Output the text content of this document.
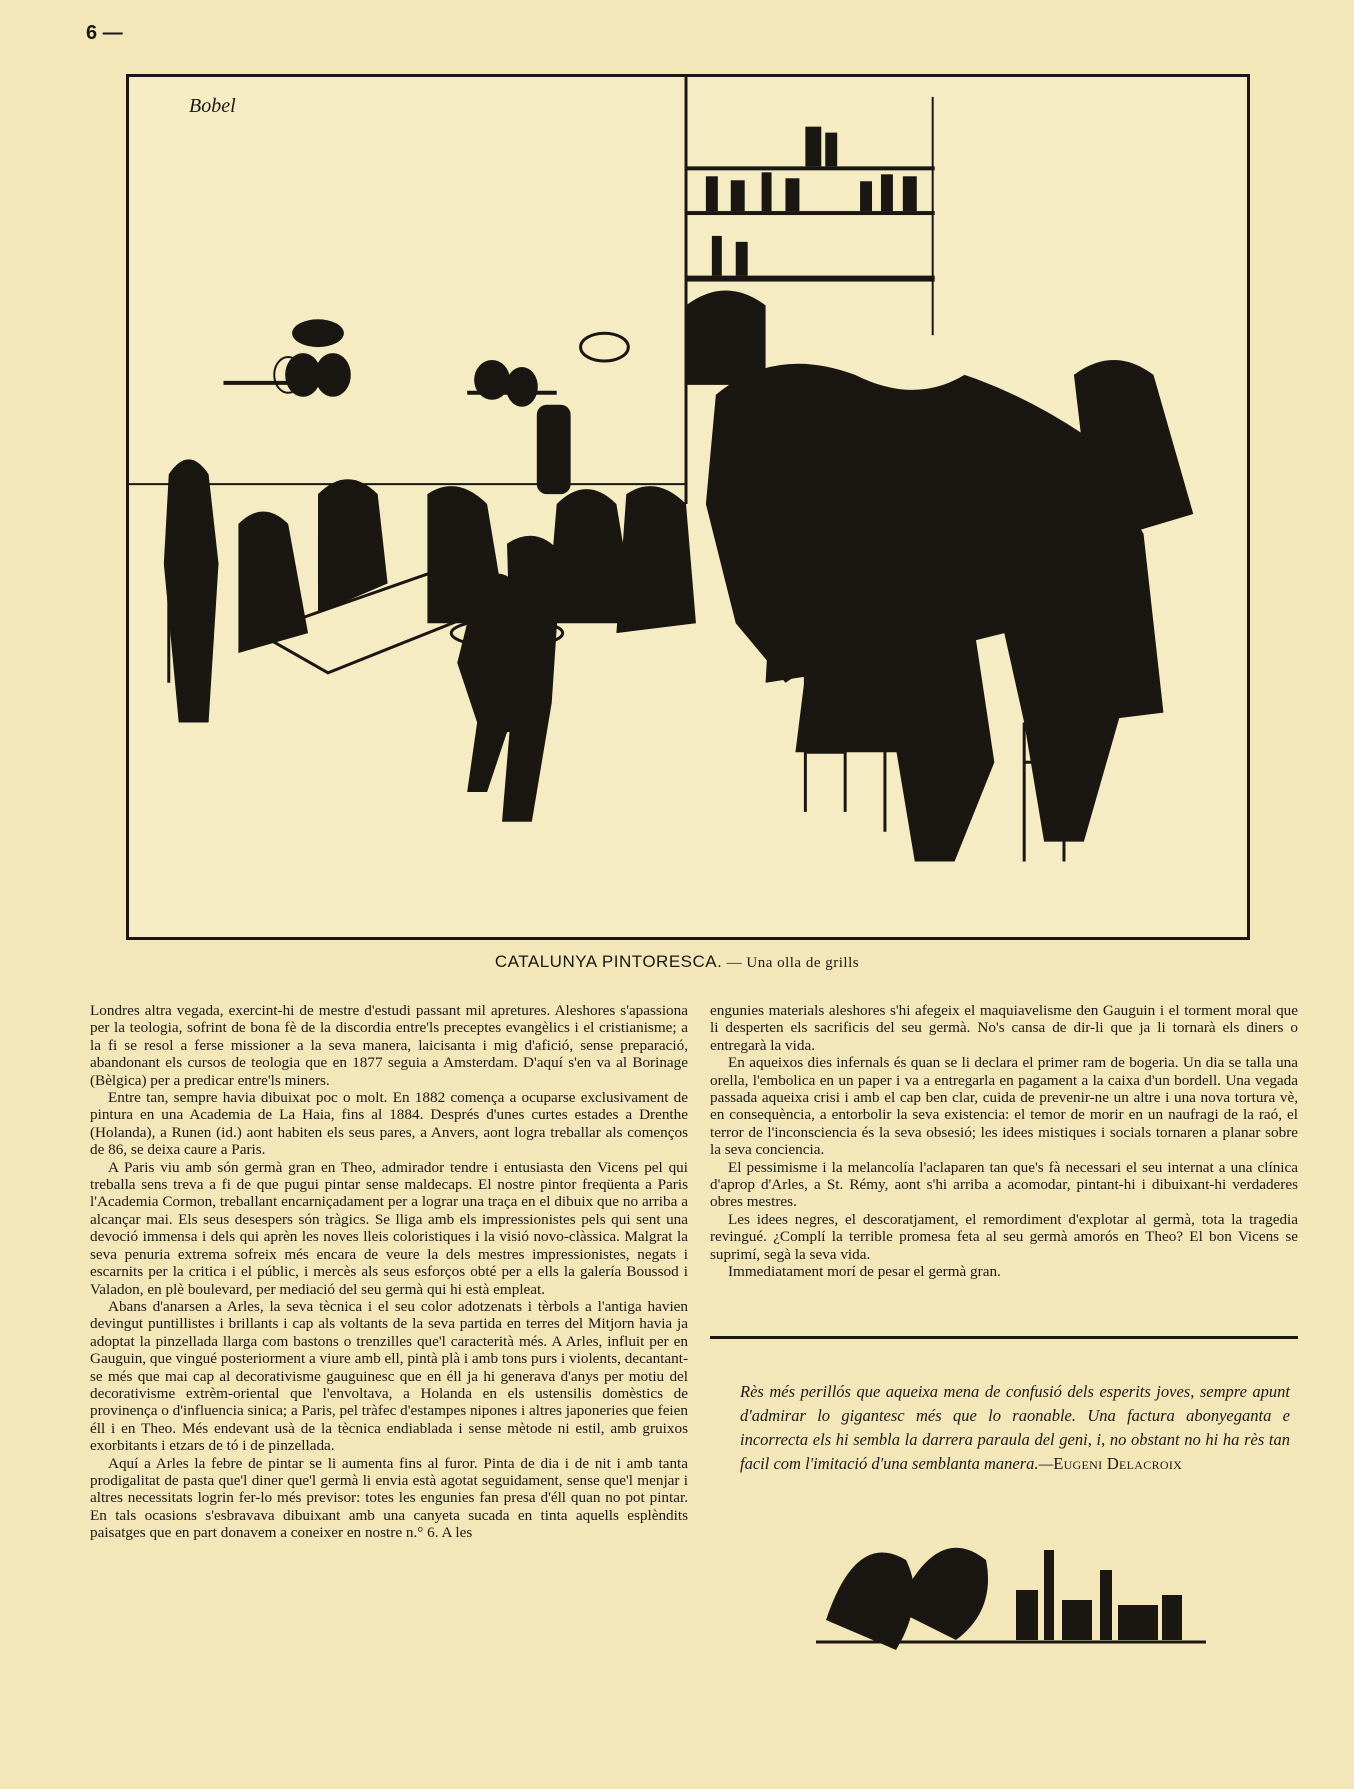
6 —
Bobel
CATALUNYA PINTORESCA. — Una olla de grills

Londres altra vegada, exercint-hi de mestre d'estudi passant mil apretures. Aleshores s'apassiona per la teologia, sofrint de bona fè de la discordia entre'ls preceptes evangèlics i el cristianisme; a la fi se resol a ferse missioner a la seva manera, laicisanta i mig d'afició, sense preparació, abandonant els cursos de teologia que en 1877 seguia a Amsterdam. D'aquí s'en va al Borinage (Bèlgica) per a predicar entre'ls miners.

Entre tan, sempre havia dibuixat poc o molt. En 1882 comença a ocuparse exclusivament de pintura en una Academia de La Haia, fins al 1884. Després d'unes curtes estades a Drenthe (Holanda), a Runen (id.) aont habiten els seus pares, a Anvers, aont logra treballar als començos de 86, se deixa caure a Paris.

A Paris viu amb són germà gran en Theo, admirador tendre i entusiasta den Vicens pel qui treballa sens treva a fi de que pugui pintar sense maldecaps. El nostre pintor freqüenta a Paris l'Academia Cormon, treballant encarniçadament per a lograr una traça en el dibuix que no arriba a alcançar mai. Els seus desespers són tràgics. Se lliga amb els impressionistes pels qui sent una devoció immensa i dels qui aprèn les noves lleis coloristiques i la visió novo-clàssica. Malgrat la seva penuria extrema sofreix més encara de veure la dels mestres impressionistes, negats i escarnits per la critica i el públic, i mercès als seus esforços obté per a ells la galería Boussod i Valadon, en plè boulevard, per mediació del seu germà qui hi està empleat.

Abans d'anarsen a Arles, la seva tècnica i el seu color adotzenats i tèrbols a l'antiga havien devingut puntillistes i brillants i cap als voltants de la seva partida en terres del Mitjorn havia ja adoptat la pinzellada llarga com bastons o trenzilles que'l caracterità més. A Arles, influit per en Gauguin, que vingué posteriorment a viure amb ell, pintà plà i amb tons purs i violents, decantant-se més que mai cap al decorativisme gauguinesc que en éll ja hi generava d'anys per motiu del decorativisme extrèm-oriental que l'envoltava, a Holanda en els ustensilis domèstics de provinença o d'influencia sinica; a Paris, pel tràfec d'estampes nipones i altres japoneries que feien éll i en Theo. Més endevant usà de la tècnica endiablada i sense mètode ni estil, amb gruixos exorbitants i etzars de tó i de pinzellada.

Aquí a Arles la febre de pintar se li aumenta fins al furor. Pinta de dia i de nit i amb tanta prodigalitat de pasta que'l diner que'l germà li envia està agotat seguidament, sense que'l menjar i altres necessitats logrin fer-lo més previsor: totes les engunies fan presa d'éll quan no pot pintar. En tals ocasions s'esbravava dibuixant amb una canyeta sucada en tinta aquells esplèndits paisatges que en part donavem a coneixer en nostre n.° 6. A les

engunies materials aleshores s'hi afegeix el maquiavelisme den Gauguin i el torment moral que li desperten els sacrificis del seu germà. No's cansa de dir-li que ja li tornarà els diners o entregarà la vida.

En aqueixos dies infernals és quan se li declara el primer ram de bogeria. Un dia se talla una orella, l'embolica en un paper i va a entregarla en pagament a la caixa d'un bordell. Una vegada passada aqueixa crisi i amb el cap ben clar, cuida de prevenir-ne un altre i una nova tortura vè, en consequència, a entorbolir la seva existencia: el temor de morir en un naufragi de la raó, el terror de l'inconsciencia és la seva obsesió; les idees mistiques i socials tornaren a planar sobre la seva conciencia.

El pessimisme i la melancolía l'aclaparen tan que's fà necessari el seu internat a una clínica d'aprop d'Arles, a St. Rémy, aont s'hi arriba a acomodar, pintant-hi i dibuixant-hi verdaderes obres mestres.

Les idees negres, el descoratjament, el remordiment d'explotar al germà, tota la tragedia revingué. ¿Complí la terrible promesa feta al seu germà amorós en Theo? El bon Vicens se suprimí, segà la seva vida.

Immediatament morí de pesar el germà gran.

Rès més perillós que aqueixa mena de confusió dels esperits joves, sempre apunt d'admirar lo gigantesc més que lo raonable. Una factura abonyeganta e incorrecta els hi sembla la darrera paraula del geni, i, no obstant no hi ha rès tan facil com l'imitació d'una semblanta manera.—Eugeni Delacroix
